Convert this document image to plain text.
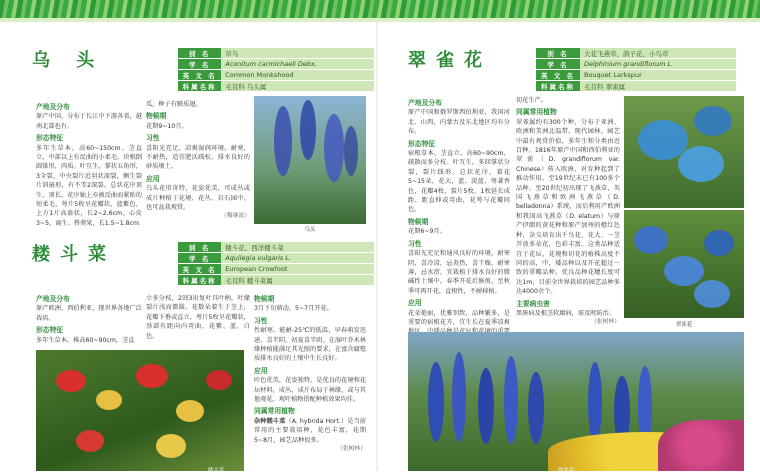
乌 头	别 名	草乌
学 名	Aconitum carmichaeli Debx.
英 文 名	Common Monkshood
科属名称	毛茛科 乌头属
产地及分布

原产中国，分布于长江中下游各省，越南北部也有。

形态特征

多年生草本，高60~150cm。茎直立，中部以上有反曲的小柔毛。块根倒圆锥形，肉质。叶互生，掌状五角形，3全裂，中央裂片近羽状深裂，侧生裂片斜扇形，有不等2深裂。总状花序顶生，顶长，花序轴上亦被反曲而紧贴的短柔毛，萼片5枚呈花瓣状，蓝紫色，上方1片高盔状，长2~2.6cm。心皮3~5，离生。蓇葖果，长1.5~1.8cm

瓜，种子有膜质翅。

物候期

花期9~10月。

习性

喜阳光充足，凉爽湿润环境。耐寒，不耐热，适宜肥沃疏松、排水良好的砂质壤土。

应用

乌头花形奇特，花姿优美，可成丛或成片种植于花境、花丛、岩石园中，也可盆栽观赏。

（穆继波）
乌头
耧斗菜	别 名	耧斗花、西洋耧斗菜
学 名	Aquilegia vulgaris L.
英 文 名	European Crowfoot
科属名称	毛茛科 耧斗菜属
产地及分布

原产欧洲、西伯利亚，现世界各地广泛栽培。

形态特征

多年生草本，株高60~90cm，茎直

立多分枝，2回3出复叶具叶柄，叶缘裂片浅而微圆。花数朵着生于茎上，花瓣下垂或直立，萼片5枚呈花瓣状，基部有距向内弯曲，花紫、蓝、白色。

物候期

3月下旬萌动，5~7月开花。

习性

性耐寒，能耐-25℃的低温，早春萌发迅速，喜半阴，初夏喜半阴。在湿叶乔木林缘种植能满足其光照的要求，在富含腐殖质排水良好的土壤中生长良好。

应用

叶色优美，花姿独特，是优良的花境和花坛材料，成丛、成片布局于林缘、或与其他观花、观叶植物搭配种植效果均佳。

同属常用植物

杂种耧斗菜（A. hybrida Hort.）是当前常用的主要栽培种，花色丰富，花期5~8月，园艺品种很多。

（张树林）
耧斗菜
翠雀花	别 名	大花飞燕草、鸽子花、小鸟草
学 名	Delphinium grandiflorum L.
英 文 名	Bouquet Larkspur
科属名称	毛茛科 翠雀属
产地及分布

原产中国和俄罗斯西伯利亚，我国河北、山西、内蒙古及东北地区均有分布。

形态特征

宿根草本，茎直立，高60~90cm，疏散而多分枝。叶互生，多回掌状分裂，裂片线形。总状花序，着花5~15朵，花大，蓝、淡蓝，萼著香色，花瓣4枚，裂片5枚，1枚延长成距，距直伸或弯曲，花萼与花瓣同色。

物候期

花期6~9月。

习性

喜阳光充足和通风良好的环境，耐寒阴，喜冷凉，忌炎热，喜干燥，耐寒薄，忌水涝，宜栽植于排水良好的微碱性土壤中。春季开花后修剪，至秋季可再开花，直根性，不耐移植。

应用

花朵艳丽，优雅别致，品种繁多，是重要的宿根花卉，宜生长在夏季凉爽

切花生产。

同属常用植物

翠雀属约有300个种，分布于亚洲、欧洲和美洲北温带，现代园林、园艺中最有观赏价值，多年生和分类由近百种。1816年原产中国和西伯利亚的翠雀（D. grandiflorum var. Chinese）传入欧洲，对育种起到了推动作用。至19世纪末已有100多个品种，至20世纪初出现了飞燕草，英国飞燕草和欧洲飞燕草（D. belladonna）系统，而后利用产欧洲和我国高飞燕草（D. elatum）与原产伊朗的黄花种和原产加州的橙红色种，杂交培育出千鸟花、花大、一茎开放多朵花，色彩丰富。这类品种适宜于花坛，花境和切花的植株高度不同的高，中，矮品种以及开花超过一致的重瓣品种。优良品种花穗长度可达1m，目前全世界栽培的园艺品种多达4000余个。

主要病虫害

黑斑病及根茎软腐病，需及时防治。

（张树林）	翠雀花
翠雀花
